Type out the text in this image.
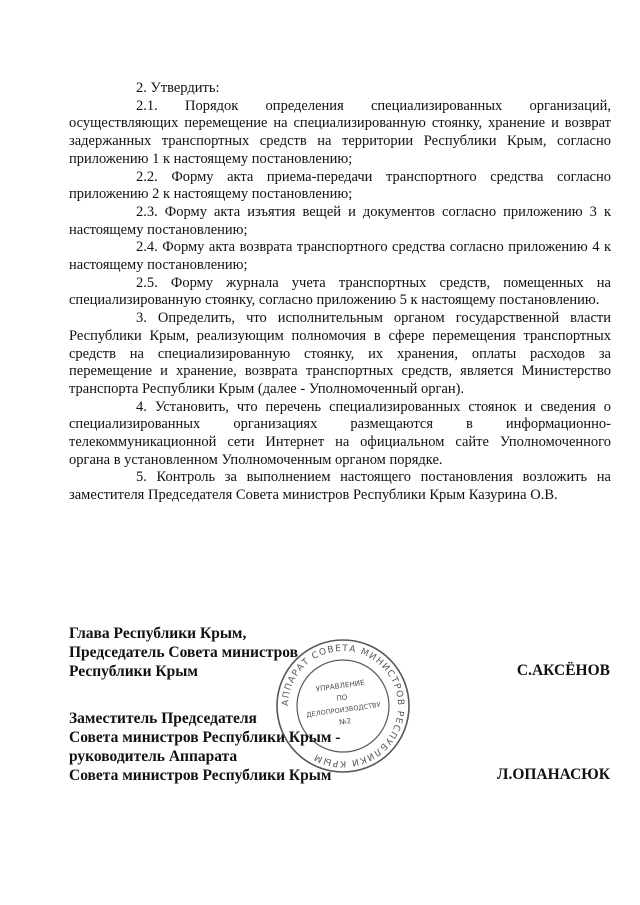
2. Утвердить:

2.1. Порядок определения специализированных организаций, осуществляющих перемещение на специализированную стоянку, хранение и возврат задержанных транспортных средств на территории Республики Крым, согласно приложению 1 к настоящему постановлению;

2.2. Форму акта приема-передачи транспортного средства согласно приложению 2 к настоящему постановлению;

2.3. Форму акта изъятия вещей и документов согласно приложению 3 к настоящему постановлению;

2.4. Форму акта возврата транспортного средства согласно приложению 4 к настоящему постановлению;

2.5. Форму журнала учета транспортных средств, помещенных на специализированную стоянку, согласно приложению 5 к настоящему постановлению.

3. Определить, что исполнительным органом государственной власти Республики Крым, реализующим полномочия в сфере перемещения транспортных средств на специализированную стоянку, их хранения, оплаты расходов за перемещение и хранение, возврата транспортных средств, является Министерство транспорта Республики Крым (далее - Уполномоченный орган).

4. Установить, что перечень специализированных стоянок и сведения о специализированных организациях размещаются в информационно-телекоммуникационной сети Интернет на официальном сайте Уполномоченного органа в установленном Уполномоченным органом порядке.

5. Контроль за выполнением настоящего постановления возложить на заместителя Председателя Совета министров Республики Крым Казурина О.В.

Глава Республики Крым,
Председатель Совета министров
Республики Крым	С.АКСЁНОВ
Заместитель Председателя
Совета министров Республики Крым -
руководитель Аппарата
Совета министров Республики Крым	Л.ОПАНАСЮК
АППАРАТ СОВЕТА МИНИСТРОВ РЕСПУБЛИКИ КРЫМ
УПРАВЛЕНИЕ
ПО
ДЕЛОПРОИЗВОДСТВУ
№2
